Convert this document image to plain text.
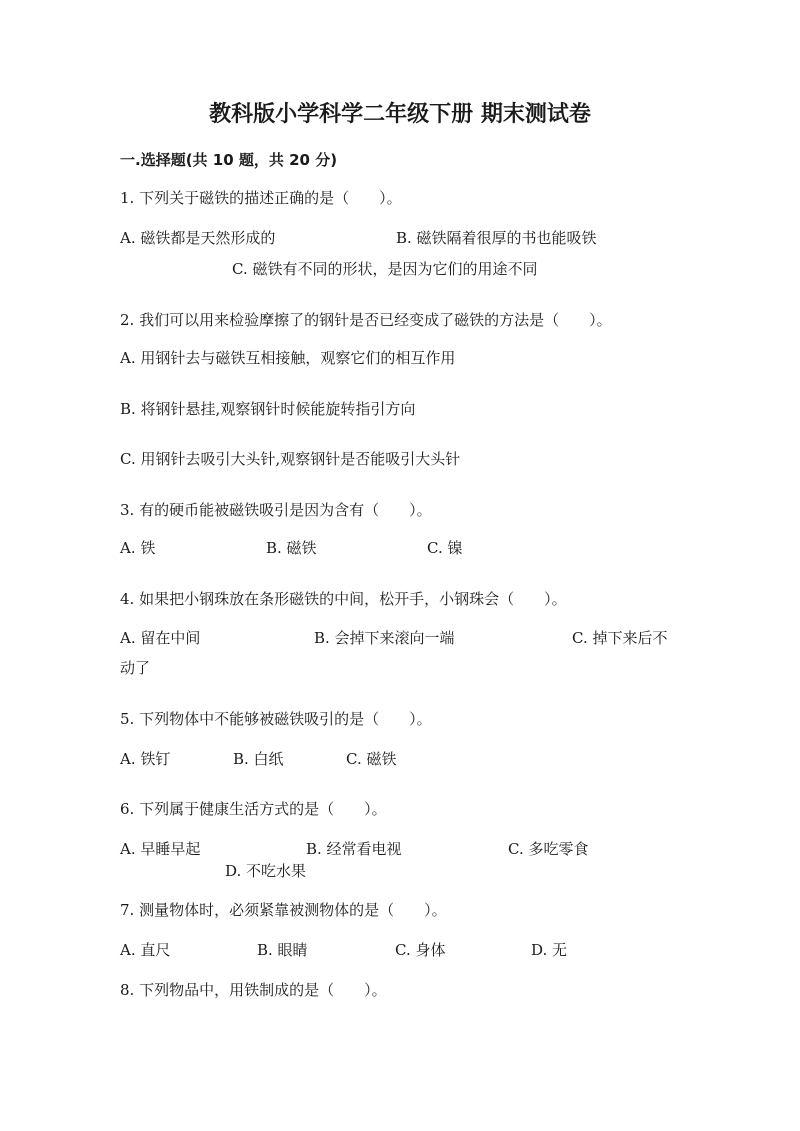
教科版小学科学二年级下册 期末测试卷
一.选择题(共 10 题，共 20 分)
1. 下列关于磁铁的描述正确的是（　　）。
A. 磁铁都是天然形成的	B. 磁铁隔着很厚的书也能吸铁
C. 磁铁有不同的形状，是因为它们的用途不同
2. 我们可以用来检验摩擦了的钢针是否已经变成了磁铁的方法是（　　）。
A. 用钢针去与磁铁互相接触，观察它们的相互作用
B. 将钢针悬挂,观察钢针时候能旋转指引方向
C. 用钢针去吸引大头针,观察钢针是否能吸引大头针
3. 有的硬币能被磁铁吸引是因为含有（　　）。
A. 铁	B. 磁铁	C. 镍
4. 如果把小钢珠放在条形磁铁的中间，松开手，小钢珠会（　　）。
A. 留在中间	B. 会掉下来滚向一端	C. 掉下来后不
动了
5. 下列物体中不能够被磁铁吸引的是（　　）。
A. 铁钉	B. 白纸	C. 磁铁
6. 下列属于健康生活方式的是（　　）。
A. 早睡早起	B. 经常看电视	C. 多吃零食
D. 不吃水果
7. 测量物体时，必须紧靠被测物体的是（　　）。
A. 直尺	B. 眼睛	C. 身体	D. 无
8. 下列物品中，用铁制成的是（　　）。
